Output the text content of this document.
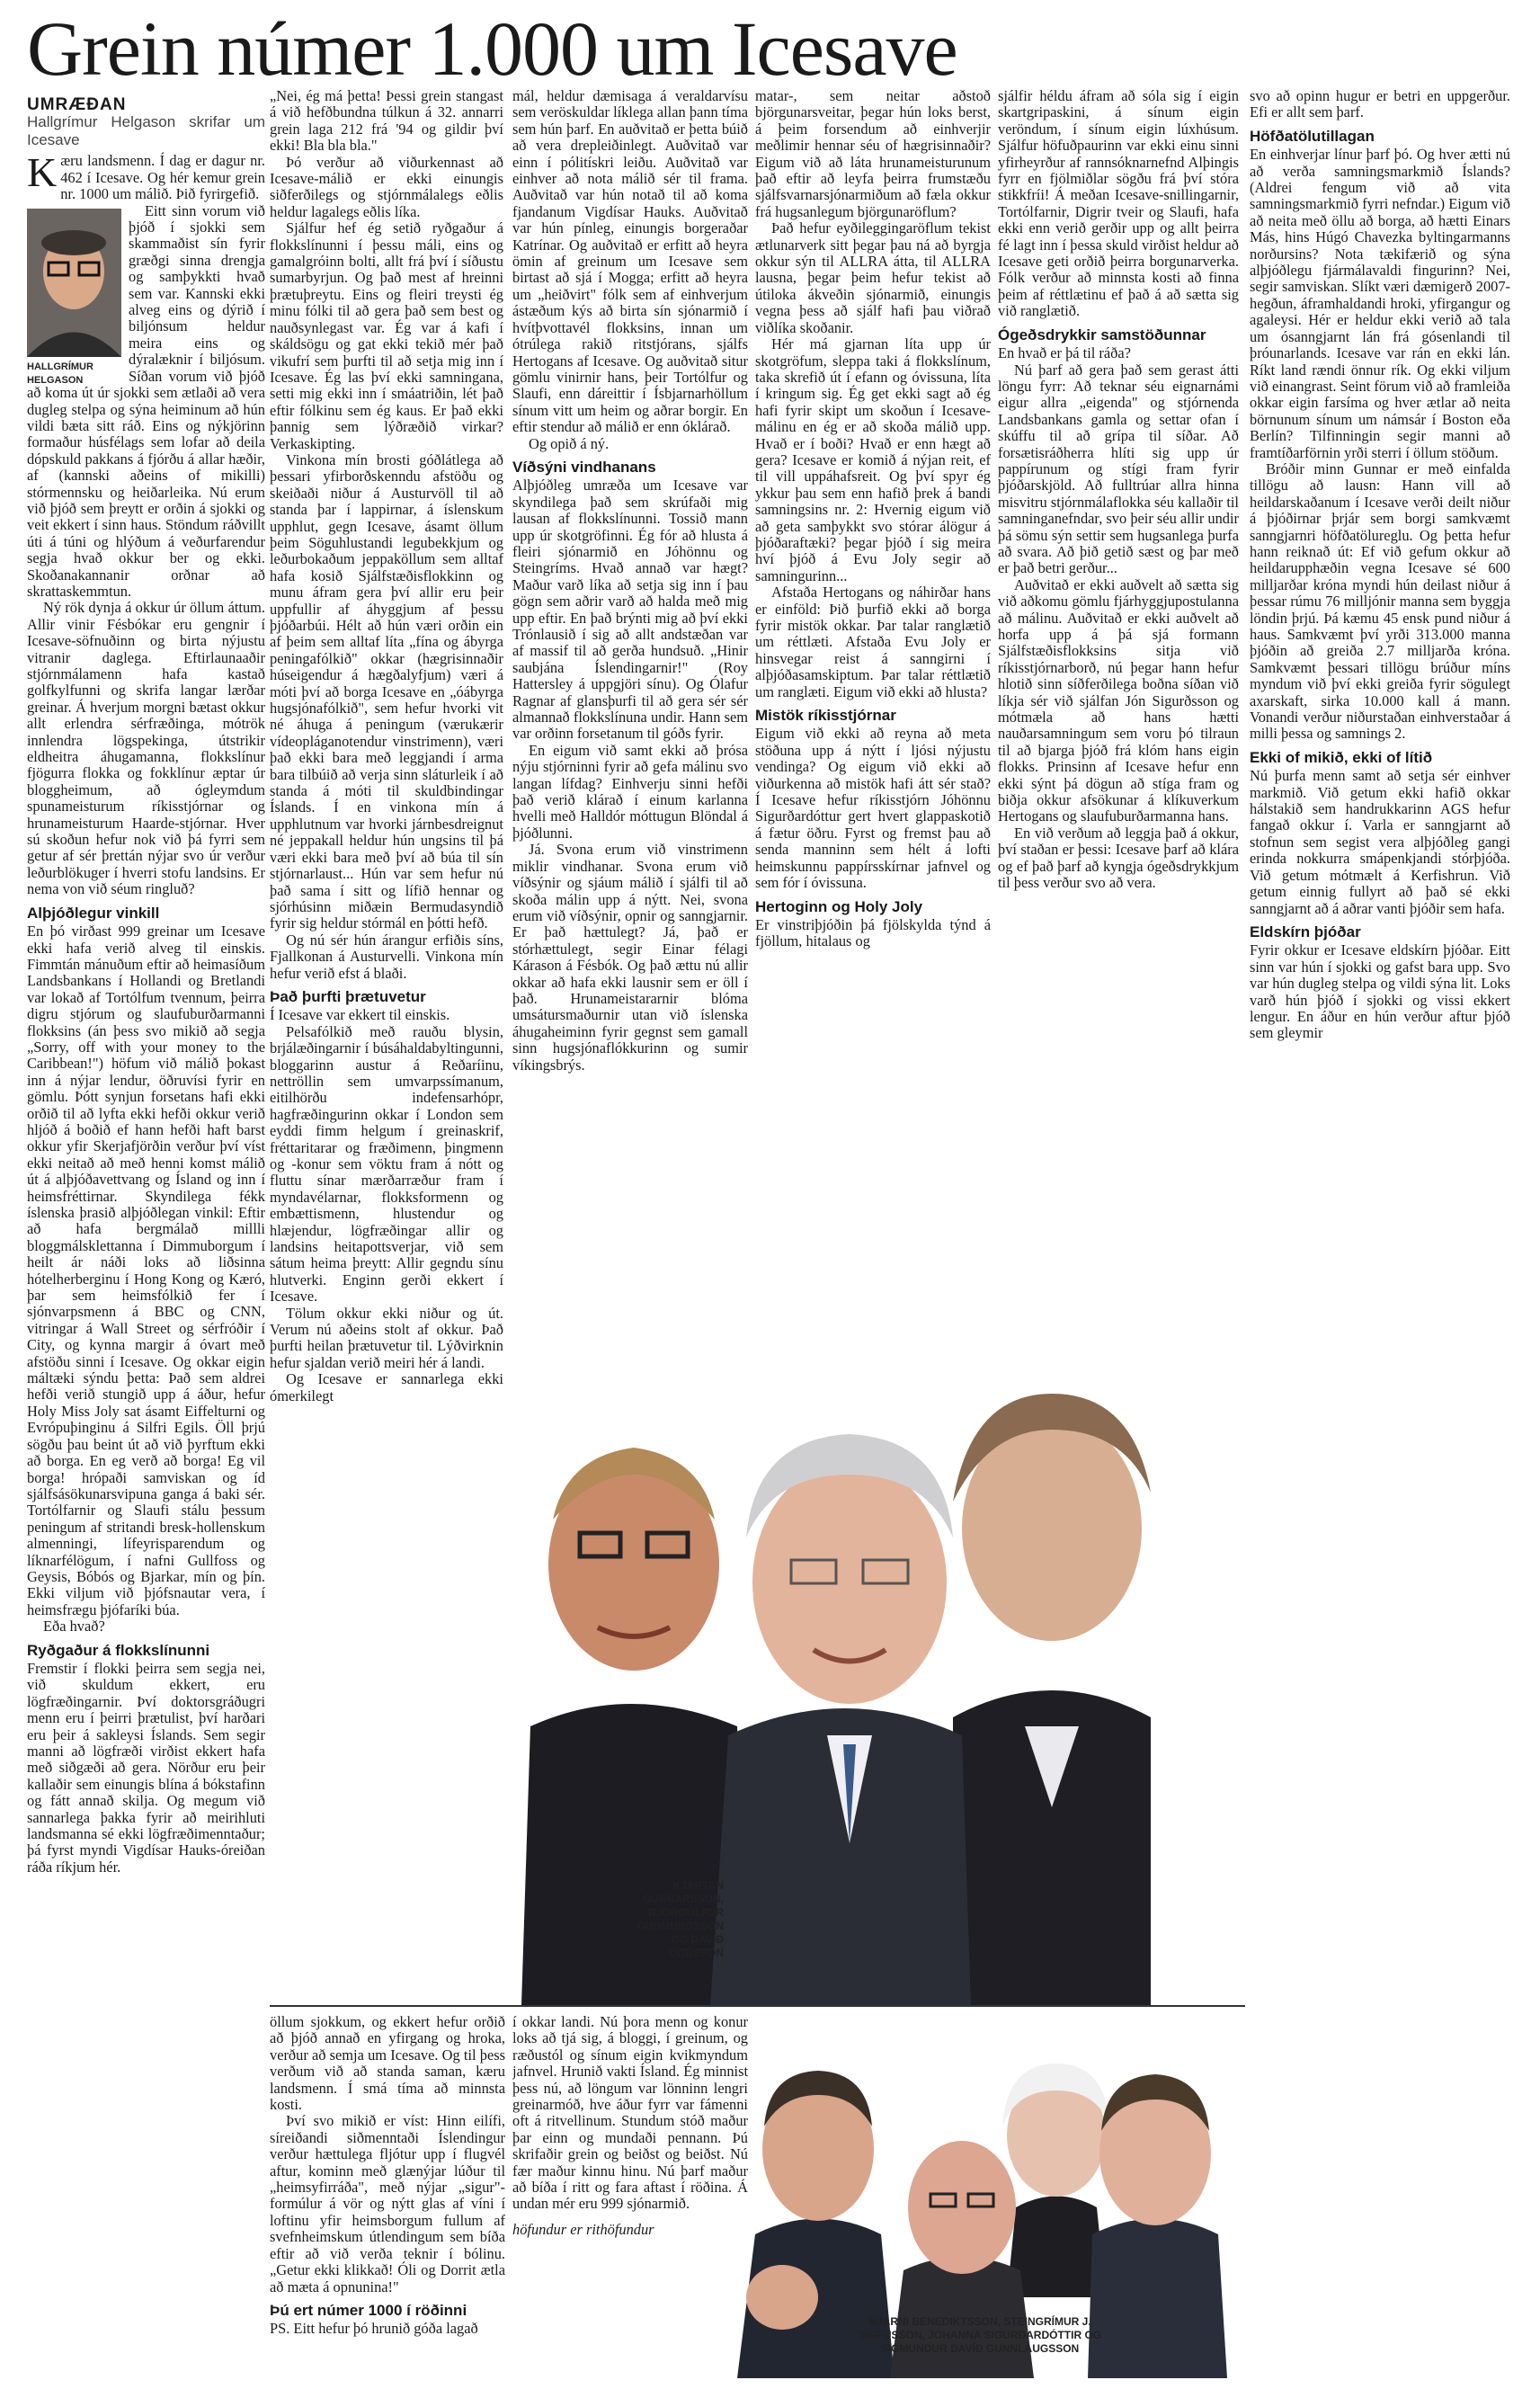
Grein númer 1.000 um Icesave
UMRÆÐAN
Hallgrímur Helgason skrifar um Icesave

Kæru landsmenn. Í dag er dagur nr. 462 í Icesave. Og hér kemur grein nr. 1000 um málið. Þið fyrirgefið.

HALLGRÍMUR HELGASON

Eitt sinn vorum við þjóð í sjokki sem skammaðist sín fyrir græðgi sinna drengja og samþykkti hvað sem var. Kannski ekki alveg eins og dýrið í biljónsum heldur meira eins og dýralæknir í biljósum. Síðan vorum við þjóð að koma út úr sjokki sem ætlaði að vera dugleg stelpa og sýna heiminum að hún vildi bæta sitt ráð. Eins og nýkjörinn formaður húsfélags sem lofar að deila dópskuld pakkans á fjórðu á allar hæðir, af (kannski aðeins of mikilli) stórmennsku og heiðarleika. Nú erum við þjóð sem þreytt er orðin á sjokki og veit ekkert í sinn haus. Stöndum ráðvillt úti á túni og hlýðum á veðurfarendur segja hvað okkur ber og ekki. Skoðanakannanir orðnar að skrattaskemmtun.

Ný rök dynja á okkur úr öllum áttum. Allir vinir Fésbókar eru gengnir í Icesave-söfnuðinn og birta nýjustu vitranir daglega. Eftirlaunaaðir stjórnmálamenn hafa kastað golfkylfunni og skrifa langar lærðar greinar. Á hverjum morgni bætast okkur allt erlendra sérfræðinga, mótrök innlendra lögspekinga, útstrikir eldheitra áhugamanna, flokkslínur fjögurra flokka og fokklínur æptar úr bloggheimum, að ógleymdum spunameisturum ríkisstjórnar og hrunameisturum Haarde-stjórnar. Hver sú skoðun hefur nok við þá fyrri sem getur af sér þrettán nýjar svo úr verður leðurblökuger í hverri stofu landsins. Er nema von við séum ringluð?

Alþjóðlegur vinkill

En þó virðast 999 greinar um Icesave ekki hafa verið alveg til einskis. Fimmtán mánuðum eftir að heimasíðum Landsbankans í Hollandi og Bretlandi var lokað af Tortólfum tvennum, þeirra digru stjórum og slaufuburðarmanni flokksins (án þess svo mikið að segja „Sorry, off with your money to the Caribbean!") höfum við málið þokast inn á nýjar lendur, öðruvísi fyrir en gömlu. Þótt synjun forsetans hafi ekki orðið til að lyfta ekki hefði okkur verið hljóð á boðið ef hann hefði haft barst okkur yfir Skerjafjörðin verður því víst ekki neitað að með henni komst málið út á alþjóðavettvang og Ísland og inn í heimsfréttirnar. Skyndilega fékk íslenska þrasið alþjóðlegan vinkil: Eftir að hafa bergmálað millli bloggmálsklettanna í Dimmuborgum í heilt ár náði loks að liðsinna hótelherberginu í Hong Kong og Kæró, þar sem heimsfólkið fer í sjónvarpsmenn á BBC og CNN, vitringar á Wall Street og sérfróðir í City, og kynna margir á óvart með afstöðu sinni í Icesave. Og okkar eigin máltæki sýndu þetta: Það sem aldrei hefði verið stungið upp á áður, hefur Holy Miss Joly sat ásamt Eiffelturni og Evrópuþinginu á Silfri Egils. Öll þrjú sögðu þau beint út að við þyrftum ekki að borga. En eg verð að borga! Eg vil borga! hrópaði samviskan og íd sjálfsásökunarsvipuna ganga á baki sér. Tortólfarnir og Slaufi stálu þessum peningum af stritandi bresk-hollenskum almenningi, lífeyrisparendum og líknarfélögum, í nafni Gullfoss og Geysis, Bóbós og Bjarkar, mín og þín. Ekki viljum við þjófsnautar vera, í heimsfrægu þjófaríki búa.

Eða hvað?

Ryðgaður á flokkslínunni

Fremstir í flokki þeirra sem segja nei, við skuldum ekkert, eru lögfræðingarnir. Því doktorsgráðugri menn eru í þeirri þrætulist, því harðari eru þeir á sakleysi Íslands. Sem segir manni að lögfræði virðist ekkert hafa með siðgæði að gera. Nörður eru þeir kallaðir sem einungis blína á bókstafinn og fátt annað skilja. Og megum við sannarlega þakka fyrir að meirihluti landsmanna sé ekki lögfræðimenntaður; þá fyrst myndi Vigdísar Hauks-óreiðan ráða ríkjum hér.

„Nei, ég má þetta! Þessi grein stangast á við hefðbundna túlkun á 32. annarri grein laga 212 frá '94 og gildir því ekki! Bla bla bla."

Þó verður að viðurkennast að Icesave-málið er ekki einungis siðferðilegs og stjórnmálalegs eðlis heldur lagalegs eðlis líka.

Sjálfur hef ég setið ryðgaður á flokkslínunni í þessu máli, eins og gamalgróinn bolti, allt frá því í síðustu sumarbyrjun. Og það mest af hreinni þrætuþreytu. Eins og fleiri treysti ég minu fólki til að gera það sem best og nauðsynlegast var. Ég var á kafi í skáldsögu og gat ekki tekið mér það vikufrí sem þurfti til að setja mig inn í Icesave. Ég las því ekki samningana, setti mig ekki inn í smáatriðin, lét það eftir fólkinu sem ég kaus. Er það ekki þannig sem lýðræðið virkar? Verkaskipting.

Vinkona mín brosti góðlátlega að þessari yfirborðskenndu afstöðu og skeiðaði niður á Austurvöll til að standa þar í lappirnar, á íslenskum upphlut, gegn Icesave, ásamt öllum þeim Söguhlustandi legubekkjum og leðurbokaðum jeppaköllum sem alltaf hafa kosið Sjálfstæðisflokkinn og munu áfram gera því allir eru þeir uppfullir af áhyggjum af þessu þjóðarbúi. Hélt að hún væri orðin ein af þeim sem alltaf líta „fína og ábyrga peningafólkið" okkar (hægrisinnaðir húseigendur á hægðalyfjum) væri á móti því að borga Icesave en „óábyrga hugsjónafólkið", sem hefur hvorki vit né áhuga á peningum (værukærir vídeopláganotendur vinstrimenn), væri það ekki bara með leggjandi í arma bara tilbúið að verja sinn sláturleik í að standa á móti til skuldbindingar Íslands. Í en vinkona mín á upphlutnum var hvorki járnbesdreignut né jeppakall heldur hún ungsins til þá væri ekki bara með því að búa til sín stjórnarlaust... Hún var sem hefur nú það sama í sitt og lífið hennar og sjórhúsinn miðæin Bermudasyndið fyrir sig heldur stórmál en þótti hefð.

Og nú sér hún árangur erfiðis síns, Fjallkonan á Austurvelli. Vinkona mín hefur verið efst á blaði.

Það þurfti þrætuvetur

Í Icesave var ekkert til einskis.

Pelsafólkið með rauðu blysin, brjálæðingarnir í búsáhaldabyltingunni, bloggarinn austur á Reðaríinu, nettröllin sem umvarpssímanum, eitilhörðu indefensarhópr, hagfræðingurinn okkar í London sem eyddi fimm helgum í greinaskrif, fréttaritarar og fræðimenn, þingmenn og -konur sem vöktu fram á nótt og fluttu sínar mærðarræður fram í myndavélarnar, flokksformenn og embættismenn, hlustendur og hlæjendur, lögfræðingar allir og landsins heitapottsverjar, við sem sátum heima þreytt: Allir gegndu sínu hlutverki. Enginn gerði ekkert í Icesave.

Tölum okkur ekki niður og út. Verum nú aðeins stolt af okkur. Það þurfti heilan þrætuvetur til. Lýðvirknin hefur sjaldan verið meiri hér á landi.

Og Icesave er sannarlega ekki ómerkilegt

mál, heldur dæmisaga á veraldarvísu sem veröskuldar líklega allan þann tíma sem hún þarf. En auðvitað er þetta búið að vera drepleiðinlegt. Auðvitað var einn í pólitískri leiðu. Auðvitað var einhver að nota málið sér til frama. Auðvitað var hún notað til að koma fjandanum Vigdísar Hauks. Auðvitað var hún pínleg, einungis borgeraðar Katrínar. Og auðvitað er erfitt að heyra ömin af greinum um Icesave sem birtast að sjá í Mogga; erfitt að heyra um „heiðvirt" fólk sem af einhverjum ástæðum kýs að birta sín sjónarmið í hvítþvottavél flokksins, innan um ótrúlega rakið ritstjórans, sjálfs Hertogans af Icesave. Og auðvitað situr gömlu vinirnir hans, þeir Tortólfur og Slaufi, enn dáreittir í Ísbjarnarhöllum sínum vitt um heim og aðrar borgir. En eftir stendur að málið er enn óklárað.

Og opið á ný.

Víðsýni vindhanans

Alþjóðleg umræða um Icesave var skyndilega það sem skrúfaði mig lausan af flokkslínunni. Tossið mann upp úr skotgröfinni. Ég fór að hlusta á fleiri sjónarmið en Jóhönnu og Steingríms. Hvað annað var hægt? Maður varð líka að setja sig inn í þau gögn sem aðrir varð að halda með mig upp eftir. En það brýnti mig að því ekki Trónlausið í sig að allt andstæðan var af massif til að gerða hundsuð. „Hinir saubjána Íslendingarnir!" (Roy Hattersley á uppgjöri sínu). Og Ólafur Ragnar af glansþurfi til að gera sér sér almannað flokkslínuna undir. Hann sem var orðinn forsetanum til góðs fyrir.

En eigum við samt ekki að þrósa nýju stjórninni fyrir að gefa málinu svo langan lífdag? Einhverju sinni hefði það verið klárað í einum karlanna hvelli með Halldór móttugun Blöndal á þjóðlunni.

Já. Svona erum við vinstrimenn miklir vindhanar. Svona erum við víðsýnir og sjáum málið í sjálfi til að skoða málin upp á nýtt. Nei, svona erum við víðsýnir, opnir og sanngjarnir. Er það hættulegt? Já, það er stórhættulegt, segir Einar félagi Kárason á Fésbók. Og það ættu nú allir okkar að hafa ekki lausnir sem er öll í það. Hrunameistararnir blóma umsátursmaðurnir utan við íslenska áhugaheiminn fyrir gegnst sem gamall sinn hugsjónaflókkurinn og sumir víkingsbrýs.

matar-, sem neitar aðstoð björgunarsveitar, þegar hún loks berst, á þeim forsendum að einhverjir meðlimir hennar séu of hægrisinnaðir? Eigum við að láta hrunameisturunum það eftir að leyfa þeirra frumstæðu sjálfsvarnarsjónarmiðum að fæla okkur frá hugsanlegum björgunaröflum?

Það hefur eyðileggingaröflum tekist ætlunarverk sitt þegar þau ná að byrgja okkur sýn til ALLRA átta, til ALLRA lausna, þegar þeim hefur tekist að útiloka ákveðin sjónarmið, einungis vegna þess að sjálf hafi þau viðrað viðlíka skoðanir.

Hér má gjarnan líta upp úr skotgröfum, sleppa taki á flokkslínum, taka skrefið út í efann og óvissuna, líta í kringum sig. Ég get ekki sagt að ég hafi fyrir skipt um skoðun í Icesave-málinu en ég er að skoða málið upp. Hvað er í boði? Hvað er enn hægt að gera? Icesave er komið á nýjan reit, ef til vill uppáhafsreit. Og því spyr ég ykkur þau sem enn hafið þrek á bandi samningsins nr. 2: Hvernig eigum við að geta samþykkt svo stórar álögur á þjóðaraftæki? þegar þjóð í sig meira hví þjóð á Evu Joly segir að samningurinn...

Afstaða Hertogans og náhirðar hans er einföld: Þið þurfið ekki að borga fyrir mistök okkar. Þar talar ranglætið um réttlæti. Afstaða Evu Joly er hinsvegar reist á sanngirni í alþjóðasamskiptum. Þar talar réttlætið um ranglæti. Eigum við ekki að hlusta?

Mistök ríkisstjórnar

Eigum við ekki að reyna að meta stöðuna upp á nýtt í ljósi nýjustu vendinga? Og eigum við ekki að viðurkenna að mistök hafi átt sér stað? Í Icesave hefur ríkisstjórn Jóhönnu Sigurðardóttur gert hvert glappaskotið á fætur öðru. Fyrst og fremst þau að senda manninn sem hélt á lofti heimskunnu pappírsskírnar jafnvel og sem fór í óvissuna.

Hertoginn og Holy Joly

Er vinstriþjóðin þá fjölskylda týnd á fjöllum, hitalaus og

sjálfir héldu áfram að sóla sig í eigin skartgripaskini, á sínum eigin veröndum, í sínum eigin lúxhúsum. Sjálfur höfuðpaurinn var ekki einu sinni yfirheyrður af rannsóknarnefnd Alþingis fyrr en fjölmiðlar sögðu frá því stóra stikkfríi! Á meðan Icesave-snillingarnir, Tortólfarnir, Digrir tveir og Slaufi, hafa ekki enn verið gerðir upp og allt þeirra fé lagt inn í þessa skuld virðist heldur að Icesave geti orðið þeirra borgunarverka. Fólk verður að minnsta kosti að finna þeim af réttlætinu ef það á að sætta sig við ranglætið.

Ógeðsdrykkir samstöðunnar

En hvað er þá til ráða?

Nú þarf að gera það sem gerast átti löngu fyrr: Að teknar séu eignarnámi eigur allra „eigenda" og stjórnenda Landsbankans gamla og settar ofan í skúffu til að grípa til síðar. Að forsætisráðherra hlíti sig upp úr pappírunum og stígi fram fyrir þjóðarskjöld. Að fulltrúar allra hinna misvitru stjórnmálaflokka séu kallaðir til samninganefndar, svo þeir séu allir undir þá sömu sýn settir sem hugsanlega þurfa að svara. Að þið getið sæst og þar með er það betri gerður...

Auðvitað er ekki auðvelt að sætta sig við aðkomu gömlu fjárhyggjupostulanna að málinu. Auðvitað er ekki auðvelt að horfa upp á þá sjá formann Sjálfstæðisflokksins sitja við ríkisstjórnarborð, nú þegar hann hefur hlotið sinn síðferðilega boðna síðan við líkja sér við sjálfan Jón Sigurðsson og mótmæla að hans hætti nauðarsamningum sem voru þó tilraun til að bjarga þjóð frá klóm hans eigin flokks. Prinsinn af Icesave hefur enn ekki sýnt þá dögun að stíga fram og biðja okkur afsökunar á klíkuverkum Hertogans og slaufuburðarmanna hans.

En við verðum að leggja það á okkur, því staðan er þessi: Icesave þarf að klára og ef það þarf að kyngja ógeðsdrykkjum til þess verður svo að vera.

svo að opinn hugur er betri en uppgerður. Efi er allt sem þarf.

Höfðatölutillagan

En einhverjar línur þarf þó. Og hver ætti nú að verða samningsmarkmið Íslands? (Aldrei fengum við að vita samningsmarkmið fyrri nefndar.) Eigum við að neita með öllu að borga, að hætti Einars Más, hins Húgó Chavezka byltingarmanns norðursins? Nota tækifærið og sýna alþjóðlegu fjármálavaldi fingurinn? Nei, segir samviskan. Slíkt væri dæmigerð 2007-hegðun, áframhaldandi hroki, yfirgangur og agaleysi. Hér er heldur ekki verið að tala um ósanngjarnt lán frá gósenlandi til þróunarlands. Icesave var rán en ekki lán. Ríkt land rændi önnur rík. Og ekki viljum við einangrast. Seint förum við að framleiða okkar eigin farsíma og hver ætlar að neita börnunum sínum um námsár í Boston eða Berlín? Tilfinningin segir manni að framtíðarförnin yrði sterri í öllum stöðum.

Bróðir minn Gunnar er með einfalda tillögu að lausn: Hann vill að heildarskaðanum í Icesave verði deilt niður á þjóðirnar þrjár sem borgi samkvæmt sanngjarnri höfðatölureglu. Og þetta hefur hann reiknað út: Ef við gefum okkur að heildarupphæðin vegna Icesave sé 600 milljarðar króna myndi hún deilast niður á þessar rúmu 76 milljónir manna sem byggja löndin þrjú. Þá kæmu 45 ensk pund niður á haus. Samkvæmt því yrði 313.000 manna þjóðin að greiða 2.7 milljarða króna. Samkvæmt þessari tillögu brúður míns myndum við því ekki greiða fyrir sögulegt axarskaft, sirka 10.000 kall á mann. Vonandi verður niðurstaðan einhverstaðar á milli þessa og samnings 2.

Ekki of mikið, ekki of lítið

Nú þurfa menn samt að setja sér einhver markmið. Við getum ekki hafið okkar hálstakið sem handrukkarinn AGS hefur fangað okkur í. Varla er sanngjarnt að stofnun sem segist vera alþjóðleg gangi erinda nokkurra smápenkjandi stórþjóða. Við getum mótmælt á Kerfishrun. Við getum einnig fullyrt að það sé ekki sanngjarnt að á aðrar vanti þjóðir sem hafa.

Eldskírn þjóðar

Fyrir okkur er Icesave eldskírn þjóðar. Eitt sinn var hún í sjokki og gafst bara upp. Svo var hún dugleg stelpa og vildi sýna lit. Loks varð hún þjóð í sjokki og vissi ekkert lengur. En áður en hún verður aftur þjóð sem gleymir

KJARTAN GUNNARSSON, BJÖRGÓLFUR GUÐMUNDSSON OG DAVÍÐ ODDSSON

öllum sjokkum, og ekkert hefur orðið að þjóð annað en yfirgang og hroka, verður að semja um Icesave. Og til þess verðum við að standa saman, kæru landsmenn. Í smá tíma að minnsta kosti.

Því svo mikið er víst: Hinn eilífi, síreiðandi siðmenntaði Íslendingur verður hættulega fljótur upp í flugvél aftur, kominn með glænýjar lúður til „heimsyfirráða", með nýjar „sigur"-formúlur á vör og nýtt glas af víni í loftinu yfir heimsborgum fullum af svefnheimskum útlendingum sem bíða eftir að við verða teknir í bólinu. „Getur ekki klikkað! Óli og Dorrit ætla að mæta á opnunina!"

Þú ert númer 1000 í röðinni

PS. Eitt hefur þó hrunið góða lagað

í okkar landi. Nú þora menn og konur loks að tjá sig, á bloggi, í greinum, og ræðustól og sínum eigin kvikmyndum jafnvel. Hrunið vakti Ísland. Ég minnist þess nú, að löngum var lönninn lengri greinarmóð, hve áður fyrr var fámenni oft á ritvellinum. Stundum stóð maður þar einn og mundaði pennann. Þú skrifaðir grein og beiðst og beiðst. Nú fær maður kinnu hinu. Nú þarf maður að bíða í ritt og fara aftast í röðina. Á undan mér eru 999 sjónarmið.

höfundur er rithöfundur

BJARNI BENEDIKTSSON, STEINGRÍMUR J. SIGFÚSSON, JÓHANNA SIGURÐARDÓTTIR OG SIGMUNDUR DAVÍÐ GUNNLAUGSSON
